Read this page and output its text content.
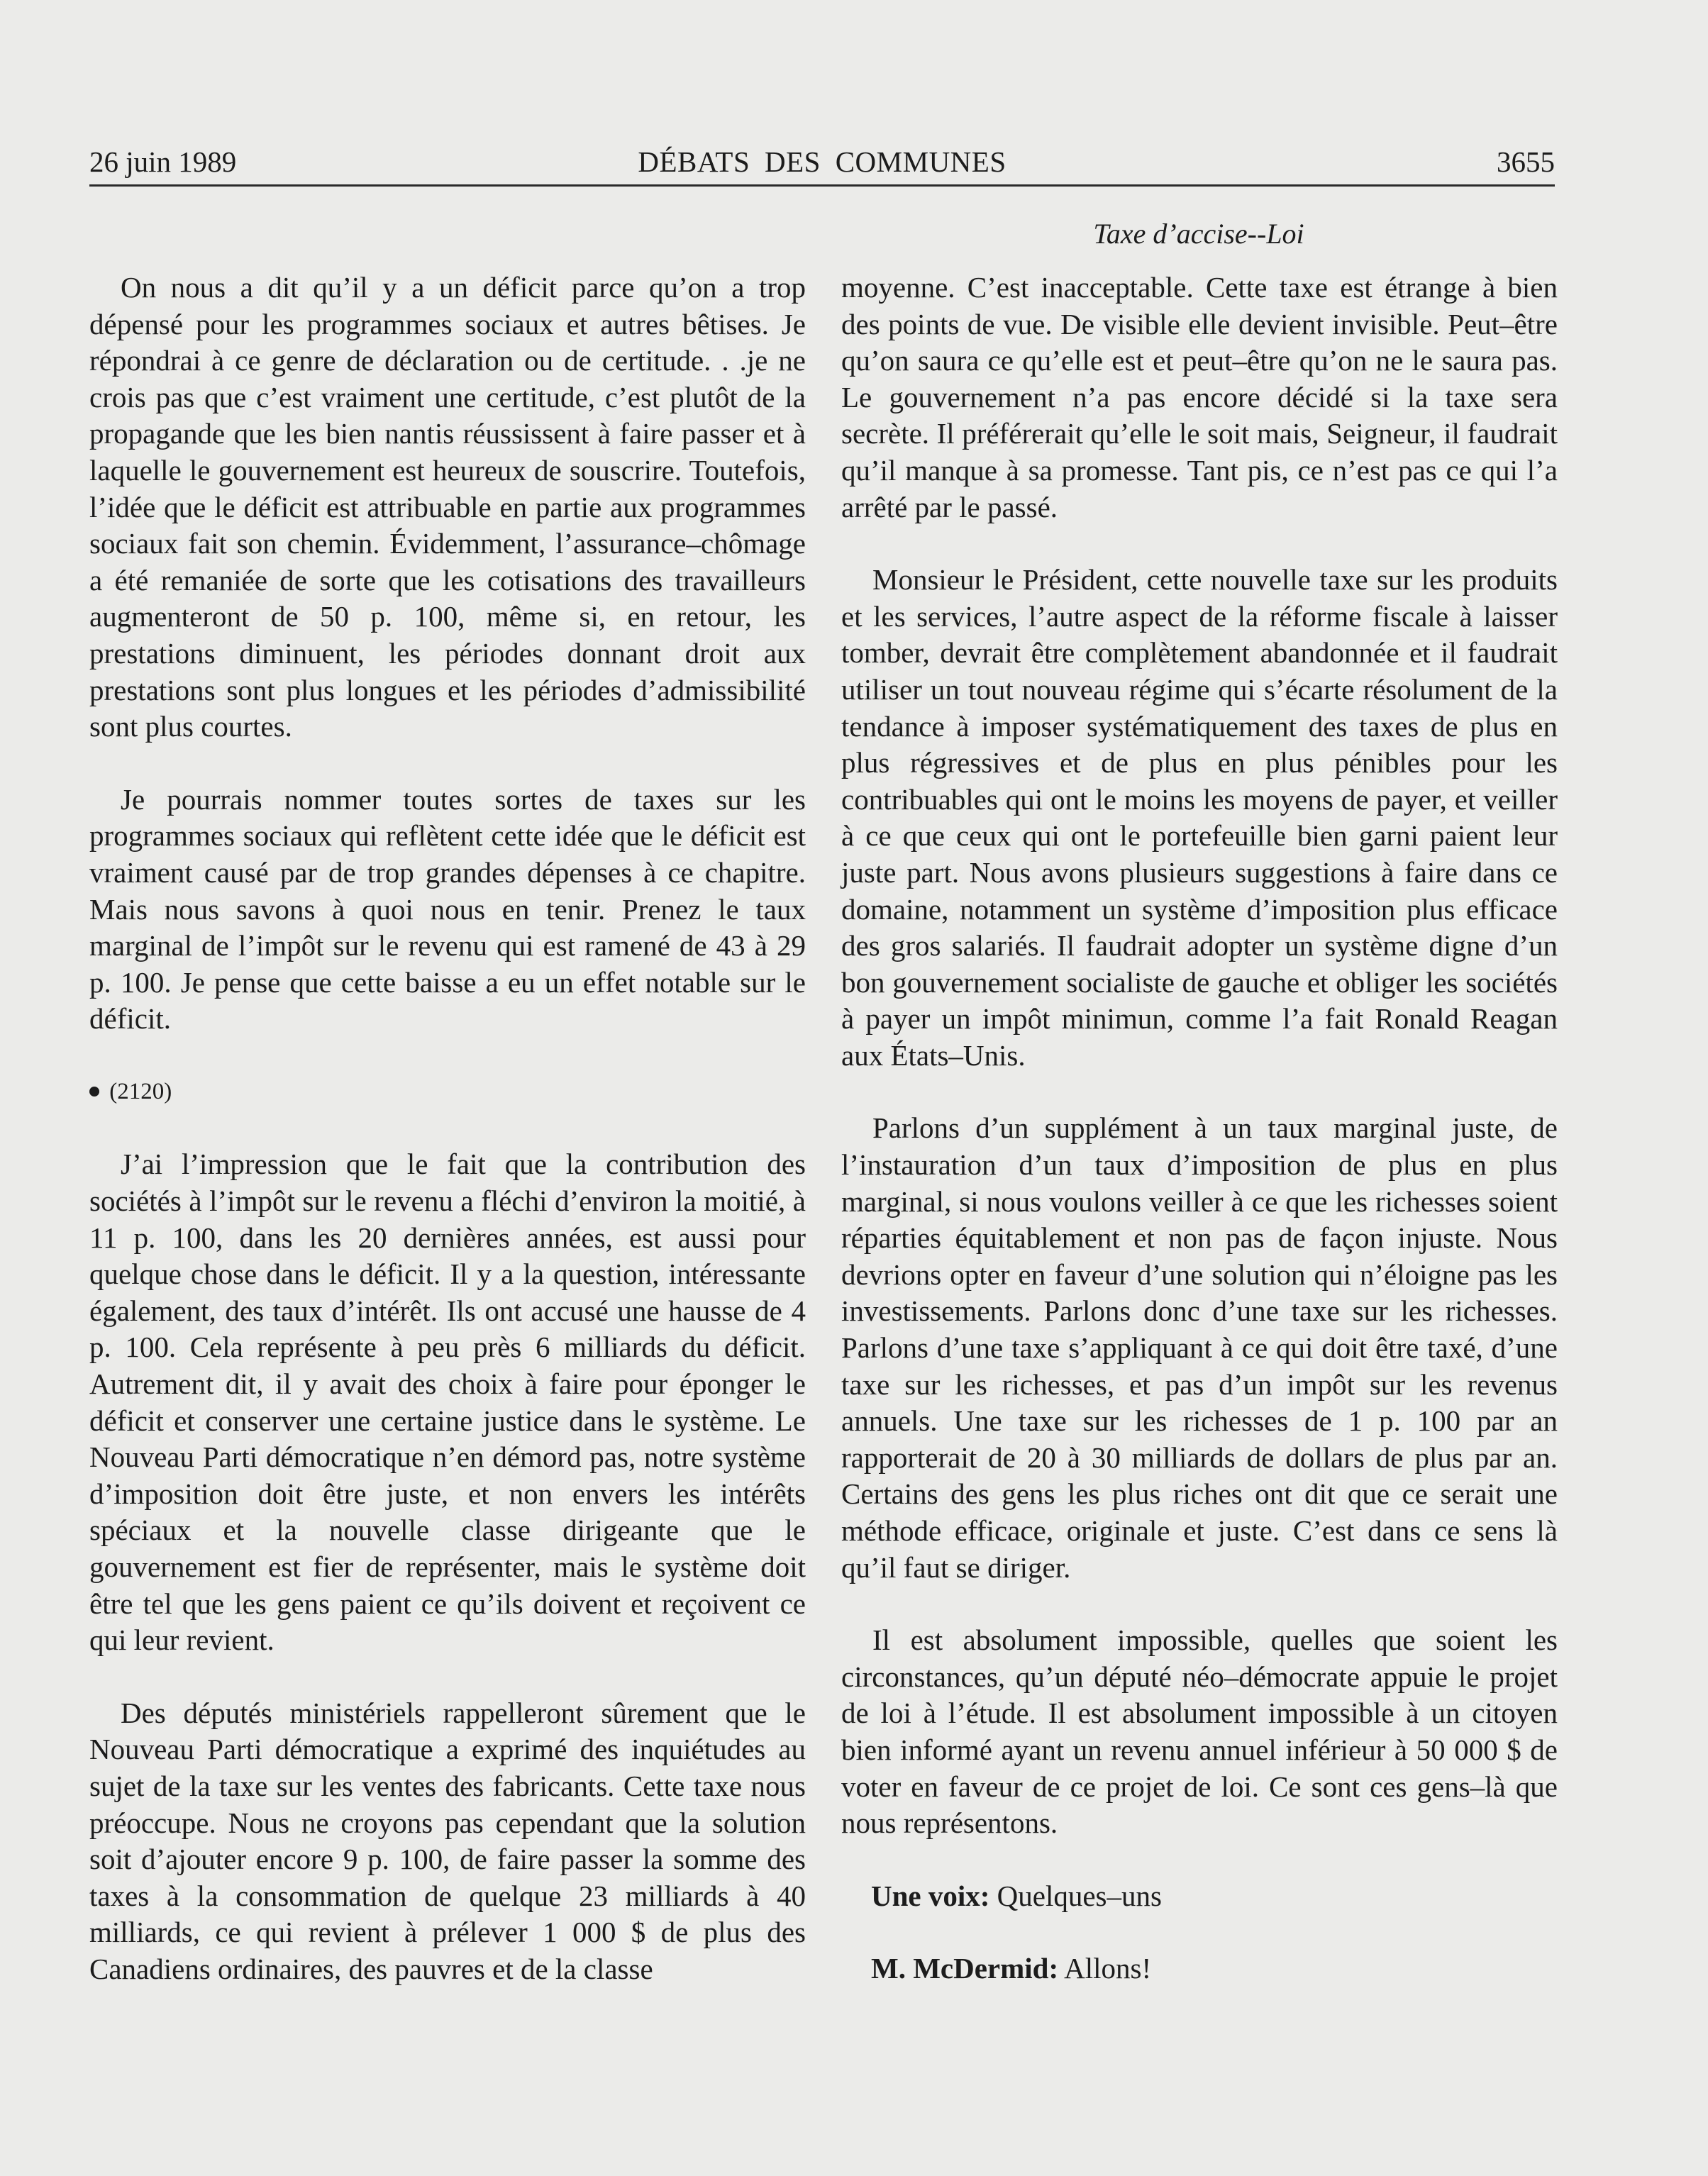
26 juin 1989	DÉBATS DES COMMUNES	3655
Taxe d’accise--Loi

On nous a dit qu’il y a un déficit parce qu’on a trop dépensé pour les programmes sociaux et autres bêtises. Je répondrai à ce genre de déclaration ou de certitude. . .je ne crois pas que c’est vraiment une certitude, c’est plutôt de la propagande que les bien nantis réussissent à faire passer et à laquelle le gouvernement est heureux de souscrire. Toutefois, l’idée que le déficit est attribuable en partie aux programmes sociaux fait son chemin. Évidemment, l’assurance–chômage a été remaniée de sorte que les cotisations des travailleurs augmenteront de 50 p. 100, même si, en retour, les prestations diminuent, les périodes donnant droit aux prestations sont plus longues et les périodes d’admissibilité sont plus courtes.

Je pourrais nommer toutes sortes de taxes sur les programmes sociaux qui reflètent cette idée que le déficit est vraiment causé par de trop grandes dépenses à ce chapitre. Mais nous savons à quoi nous en tenir. Prenez le taux marginal de l’impôt sur le revenu qui est ramené de 43 à 29 p. 100. Je pense que cette baisse a eu un effet notable sur le déficit.

(2120)

J’ai l’impression que le fait que la contribution des sociétés à l’impôt sur le revenu a fléchi d’environ la moitié, à 11 p. 100, dans les 20 dernières années, est aussi pour quelque chose dans le déficit. Il y a la question, intéressante également, des taux d’intérêt. Ils ont accusé une hausse de 4 p. 100. Cela représente à peu près 6 milliards du déficit. Autrement dit, il y avait des choix à faire pour éponger le déficit et conserver une certaine justice dans le système. Le Nouveau Parti démocratique n’en démord pas, notre système d’imposition doit être juste, et non envers les intérêts spéciaux et la nouvelle classe dirigeante que le gouvernement est fier de représenter, mais le système doit être tel que les gens paient ce qu’ils doivent et reçoivent ce qui leur revient.

Des députés ministériels rappelleront sûrement que le Nouveau Parti démocratique a exprimé des inquiétudes au sujet de la taxe sur les ventes des fabricants. Cette taxe nous préoccupe. Nous ne croyons pas cependant que la solution soit d’ajouter encore 9 p. 100, de faire passer la somme des taxes à la consommation de quelque 23 milliards à 40 milliards, ce qui revient à prélever 1 000 $ de plus des Canadiens ordinaires, des pauvres et de la classe

moyenne. C’est inacceptable. Cette taxe est étrange à bien des points de vue. De visible elle devient invisible. Peut–être qu’on saura ce qu’elle est et peut–être qu’on ne le saura pas. Le gouvernement n’a pas encore décidé si la taxe sera secrète. Il préférerait qu’elle le soit mais, Seigneur, il faudrait qu’il manque à sa promesse. Tant pis, ce n’est pas ce qui l’a arrêté par le passé.

Monsieur le Président, cette nouvelle taxe sur les produits et les services, l’autre aspect de la réforme fiscale à laisser tomber, devrait être complètement abandonnée et il faudrait utiliser un tout nouveau régime qui s’écarte résolument de la tendance à imposer systématiquement des taxes de plus en plus régressives et de plus en plus pénibles pour les contribuables qui ont le moins les moyens de payer, et veiller à ce que ceux qui ont le portefeuille bien garni paient leur juste part. Nous avons plusieurs suggestions à faire dans ce domaine, notamment un système d’imposition plus efficace des gros salariés. Il faudrait adopter un système digne d’un bon gouvernement socialiste de gauche et obliger les sociétés à payer un impôt minimun, comme l’a fait Ronald Reagan aux États–Unis.

Parlons d’un supplément à un taux marginal juste, de l’instauration d’un taux d’imposition de plus en plus marginal, si nous voulons veiller à ce que les richesses soient réparties équitablement et non pas de façon injuste. Nous devrions opter en faveur d’une solution qui n’éloigne pas les investissements. Parlons donc d’une taxe sur les richesses. Parlons d’une taxe s’appliquant à ce qui doit être taxé, d’une taxe sur les richesses, et pas d’un impôt sur les revenus annuels. Une taxe sur les richesses de 1 p. 100 par an rapporterait de 20 à 30 milliards de dollars de plus par an. Certains des gens les plus riches ont dit que ce serait une méthode efficace, originale et juste. C’est dans ce sens là qu’il faut se diriger.

Il est absolument impossible, quelles que soient les circonstances, qu’un député néo–démocrate appuie le projet de loi à l’étude. Il est absolument impossible à un citoyen bien informé ayant un revenu annuel inférieur à 50 000 $ de voter en faveur de ce projet de loi. Ce sont ces gens–là que nous représentons.

Une voix: Quelques–uns
M. McDermid: Allons!
